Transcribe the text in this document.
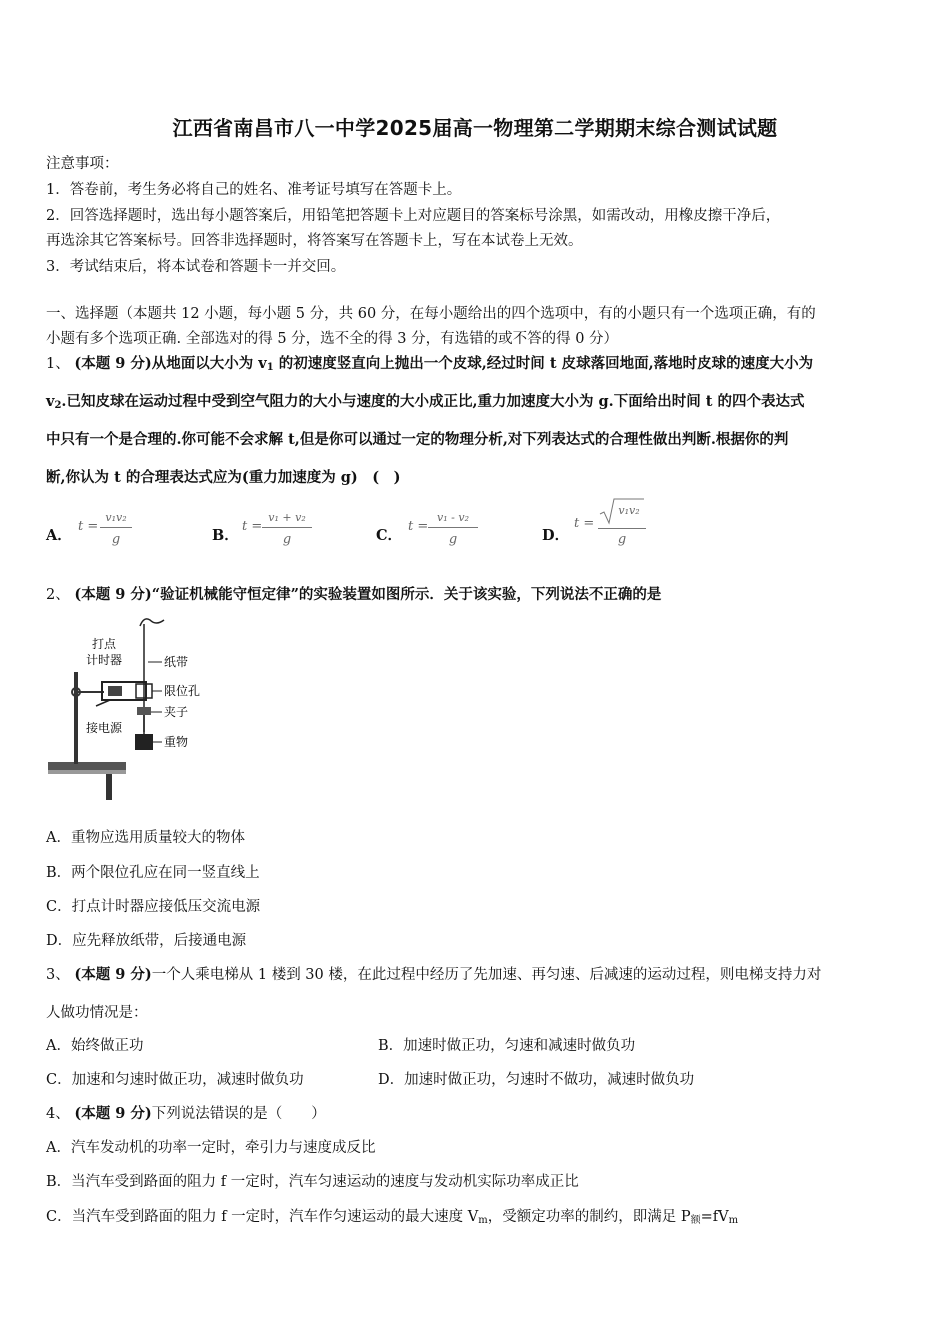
江西省南昌市八一中学2025届高一物理第二学期期末综合测试试题
注意事项：
1．答卷前，考生务必将自己的姓名、准考证号填写在答题卡上。
2．回答选择题时，选出每小题答案后，用铅笔把答题卡上对应题目的答案标号涂黑，如需改动，用橡皮擦干净后，
再选涂其它答案标号。回答非选择题时，将答案写在答题卡上，写在本试卷上无效。
3．考试结束后，将本试卷和答题卡一并交回。
一、选择题（本题共 12 小题，每小题 5 分，共 60 分，在每小题给出的四个选项中，有的小题只有一个选项正确，有的
小题有多个选项正确. 全部选对的得 5 分，选不全的得 3 分，有选错的或不答的得 0 分）
1、 (本题 9 分)从地面以大小为 $v_1$ 的初速度竖直向上抛出一个皮球,经过时间 t 皮球落回地面,落地时皮球的速度大小为
$v_2$.已知皮球在运动过程中受到空气阻力的大小与速度的大小成正比,重力加速度大小为 g.下面给出时间 t 的四个表达式
中只有一个是合理的.你可能不会求解 t,但是你可以通过一定的物理分析,对下列表达式的合理性做出判断.根据你的判
断,你认为 t 的合理表达式应为(重力加速度为 g)　(　)
A．
t =
v₁v₂
g	B．
t =
v₁ + v₂
g	C．
t =
v₁ - v₂
g	D．
t =
v₁v₂
g
2、 (本题 9 分)“验证机械能守恒定律”的实验装置如图所示．关于该实验，下列说法不正确的是
打点
计时器	纸带
限位孔
夹子
接电源
重物
A．重物应选用质量较大的物体
B．两个限位孔应在同一竖直线上
C．打点计时器应接低压交流电源
D．应先释放纸带，后接通电源
3、 (本题 9 分)一个人乘电梯从 1 楼到 30 楼，在此过程中经历了先加速、再匀速、后减速的运动过程，则电梯支持力对
人做功情况是：
A．始终做正功	B．加速时做正功，匀速和减速时做负功
C．加速和匀速时做正功，减速时做负功	D．加速时做正功，匀速时不做功，减速时做负功
4、 (本题 9 分)下列说法错误的是（　　）
A．汽车发动机的功率一定时，牵引力与速度成反比
B．当汽车受到路面的阻力 f 一定时，汽车匀速运动的速度与发动机实际功率成正比
C．当汽车受到路面的阻力 f 一定时，汽车作匀速运动的最大速度 $V_m$，受额定功率的制约，即满足 $P_额=fV_m$
